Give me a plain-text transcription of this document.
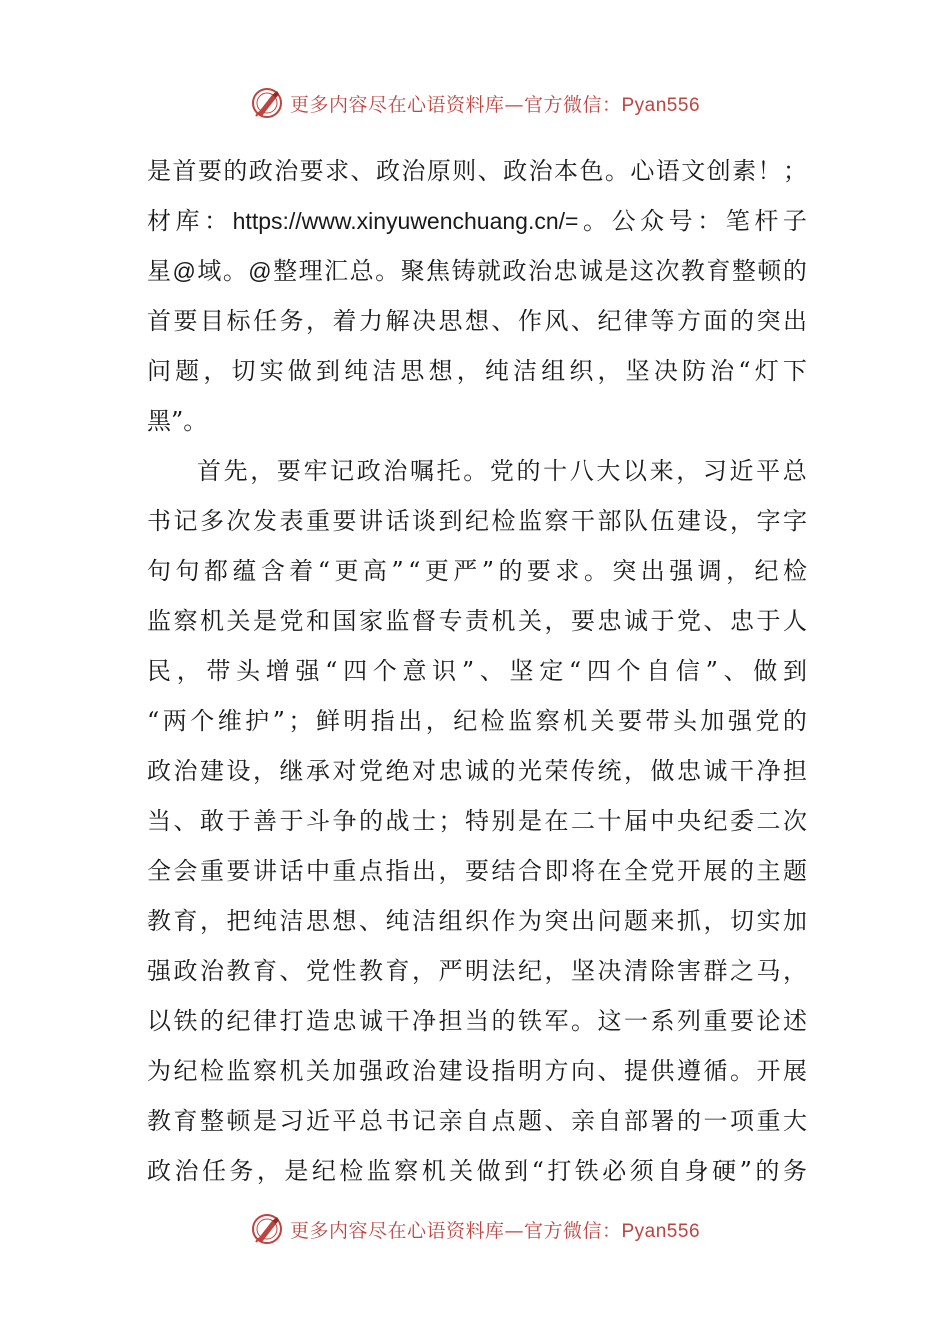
更多内容尽在心语资料库—官方微信：Pyan556
是 首 要 的 政 治 要 求 、 政 治 原 则 、 政 治 本 色 。 心 语 文 创 素 ！ ；
材 库 ： https://www.xinyuwenchuang.cn/= 。 公 众 号 ： 笔 杆 子
星 @ 域 。 @ 整 理 汇 总 。 聚 焦 铸 就 政 治 忠 诚 是 这 次 教 育 整 顿 的
首 要 目 标 任 务 ， 着 力 解 决 思 想 、 作 风 、 纪 律 等 方 面 的 突 出
问 题 ， 切 实 做 到 纯 洁 思 想 ， 纯 洁 组 织 ， 坚 决 防 治 “ 灯 下
黑”。
首 先 ， 要 牢 记 政 治 嘱 托 。 党 的 十 八 大 以 来 ， 习 近 平 总
书 记 多 次 发 表 重 要 讲 话 谈 到 纪 检 监 察 干 部 队 伍 建 设 ， 字 字
句 句 都 蕴 含 着 “ 更 高 ” “ 更 严 ” 的 要 求 。 突 出 强 调 ， 纪 检
监 察 机 关 是 党 和 国 家 监 督 专 责 机 关 ， 要 忠 诚 于 党 、 忠 于 人
民 ， 带 头 增 强 “ 四 个 意 识 ” 、 坚 定 “ 四 个 自 信 ” 、 做 到
“ 两 个 维 护 ” ； 鲜 明 指 出 ， 纪 检 监 察 机 关 要 带 头 加 强 党 的
政 治 建 设 ， 继 承 对 党 绝 对 忠 诚 的 光 荣 传 统 ， 做 忠 诚 干 净 担
当 、 敢 于 善 于 斗 争 的 战 士 ； 特 别 是 在 二 十 届 中 央 纪 委 二 次
全 会 重 要 讲 话 中 重 点 指 出 ， 要 结 合 即 将 在 全 党 开 展 的 主 题
教 育 ， 把 纯 洁 思 想 、 纯 洁 组 织 作 为 突 出 问 题 来 抓 ， 切 实 加
强 政 治 教 育 、 党 性 教 育 ， 严 明 法 纪 ， 坚 决 清 除 害 群 之 马 ，
以 铁 的 纪 律 打 造 忠 诚 干 净 担 当 的 铁 军 。 这 一 系 列 重 要 论 述
为 纪 检 监 察 机 关 加 强 政 治 建 设 指 明 方 向 、 提 供 遵 循 。 开 展
教 育 整 顿 是 习 近 平 总 书 记 亲 自 点 题 、 亲 自 部 署 的 一 项 重 大
政 治 任 务 ， 是 纪 检 监 察 机 关 做 到 “ 打 铁 必 须 自 身 硬 ” 的 务
更多内容尽在心语资料库—官方微信：Pyan556
